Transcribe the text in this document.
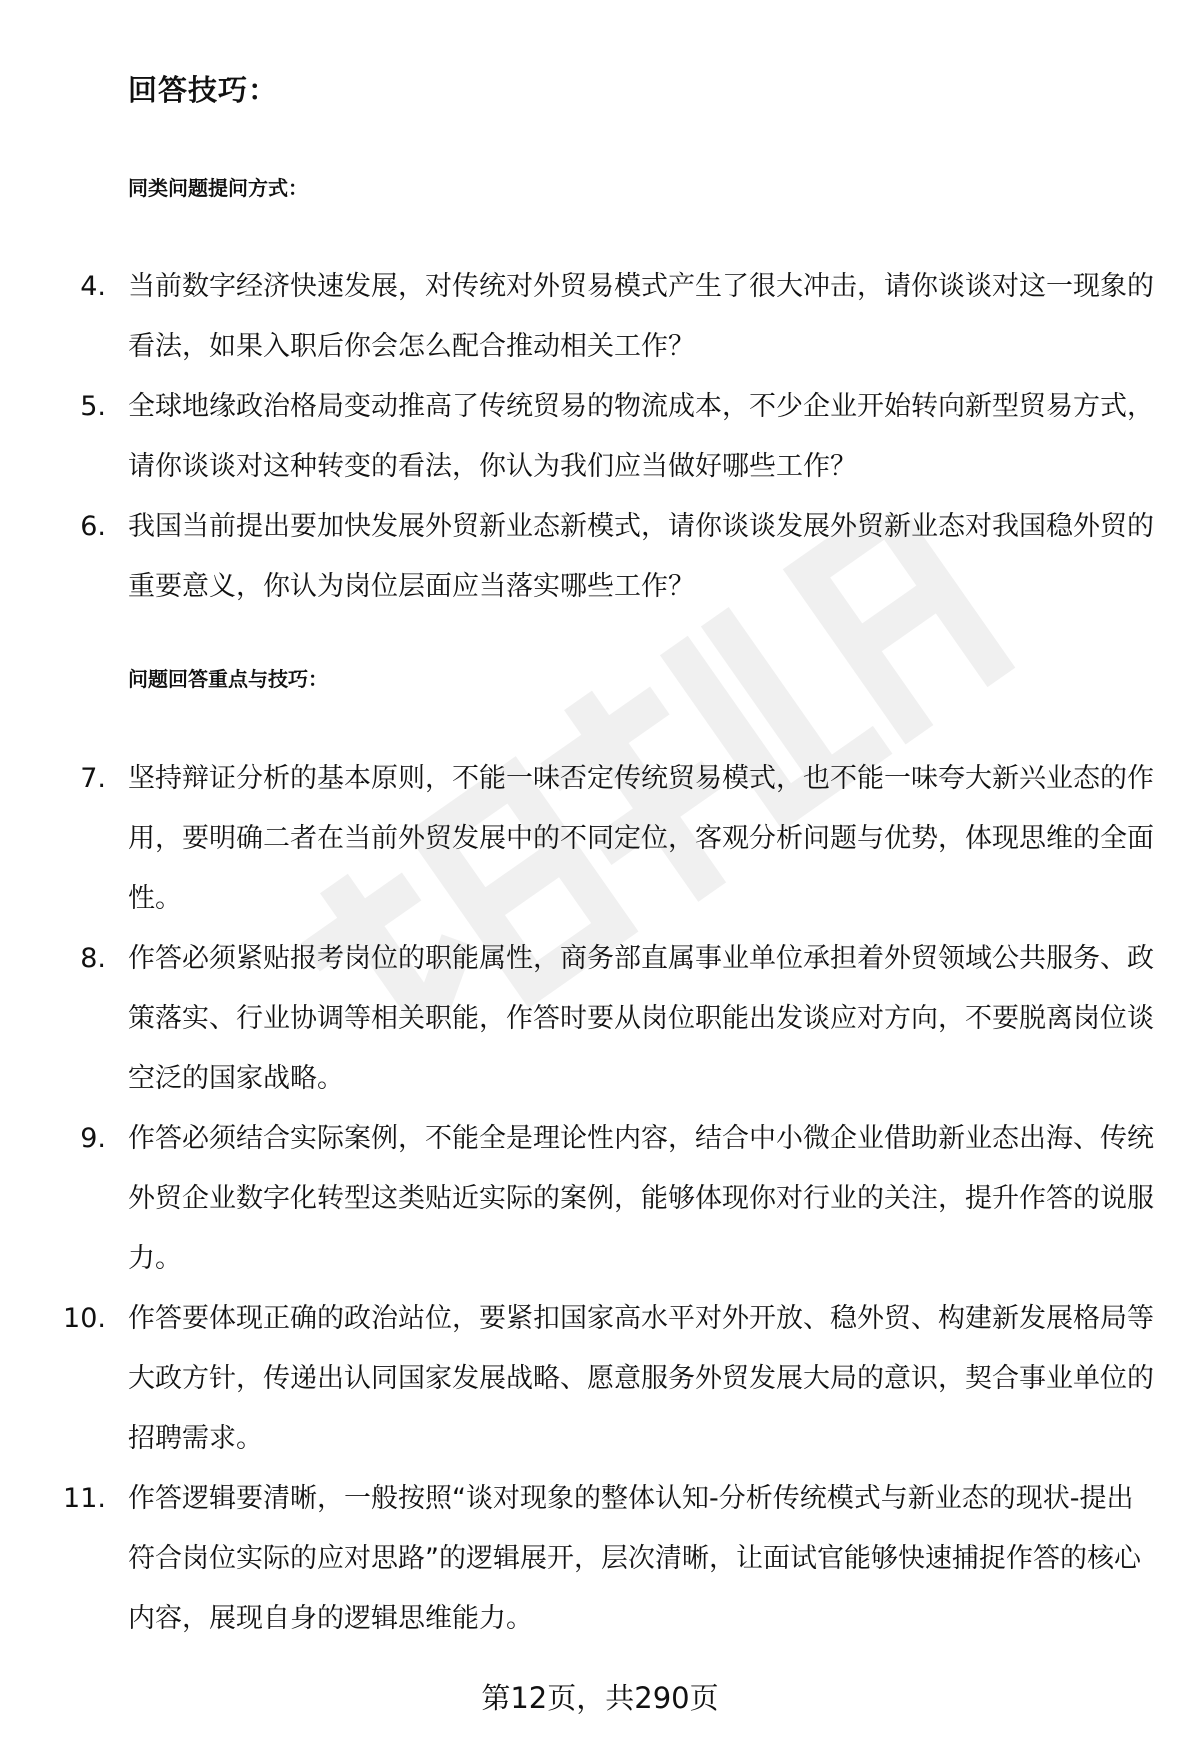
回答技巧：
同类问题提问方式：
4. 当前数字经济快速发展，对传统对外贸易模式产生了很大冲击，请你谈谈对这一现象的看法，如果入职后你会怎么配合推动相关工作？
5. 全球地缘政治格局变动推高了传统贸易的物流成本，不少企业开始转向新型贸易方式，请你谈谈对这种转变的看法，你认为我们应当做好哪些工作？
6. 我国当前提出要加快发展外贸新业态新模式，请你谈谈发展外贸新业态对我国稳外贸的重要意义，你认为岗位层面应当落实哪些工作？
问题回答重点与技巧：
7. 坚持辩证分析的基本原则，不能一味否定传统贸易模式，也不能一味夸大新兴业态的作用，要明确二者在当前外贸发展中的不同定位，客观分析问题与优势，体现思维的全面性。
8. 作答必须紧贴报考岗位的职能属性，商务部直属事业单位承担着外贸领域公共服务、政策落实、行业协调等相关职能，作答时要从岗位职能出发谈应对方向，不要脱离岗位谈空泛的国家战略。
9. 作答必须结合实际案例，不能全是理论性内容，结合中小微企业借助新业态出海、传统外贸企业数字化转型这类贴近实际的案例，能够体现你对行业的关注，提升作答的说服力。
10. 作答要体现正确的政治站位，要紧扣国家高水平对外开放、稳外贸、构建新发展格局等大政方针，传递出认同国家发展战略、愿意服务外贸发展大局的意识，契合事业单位的招聘需求。
11. 作答逻辑要清晰，一般按照“谈对现象的整体认知-分析传统模式与新业态的现状-提出符合岗位实际的应对思路”的逻辑展开，层次清晰，让面试官能够快速捕捉作答的核心内容，展现自身的逻辑思维能力。
第12页，共290页
